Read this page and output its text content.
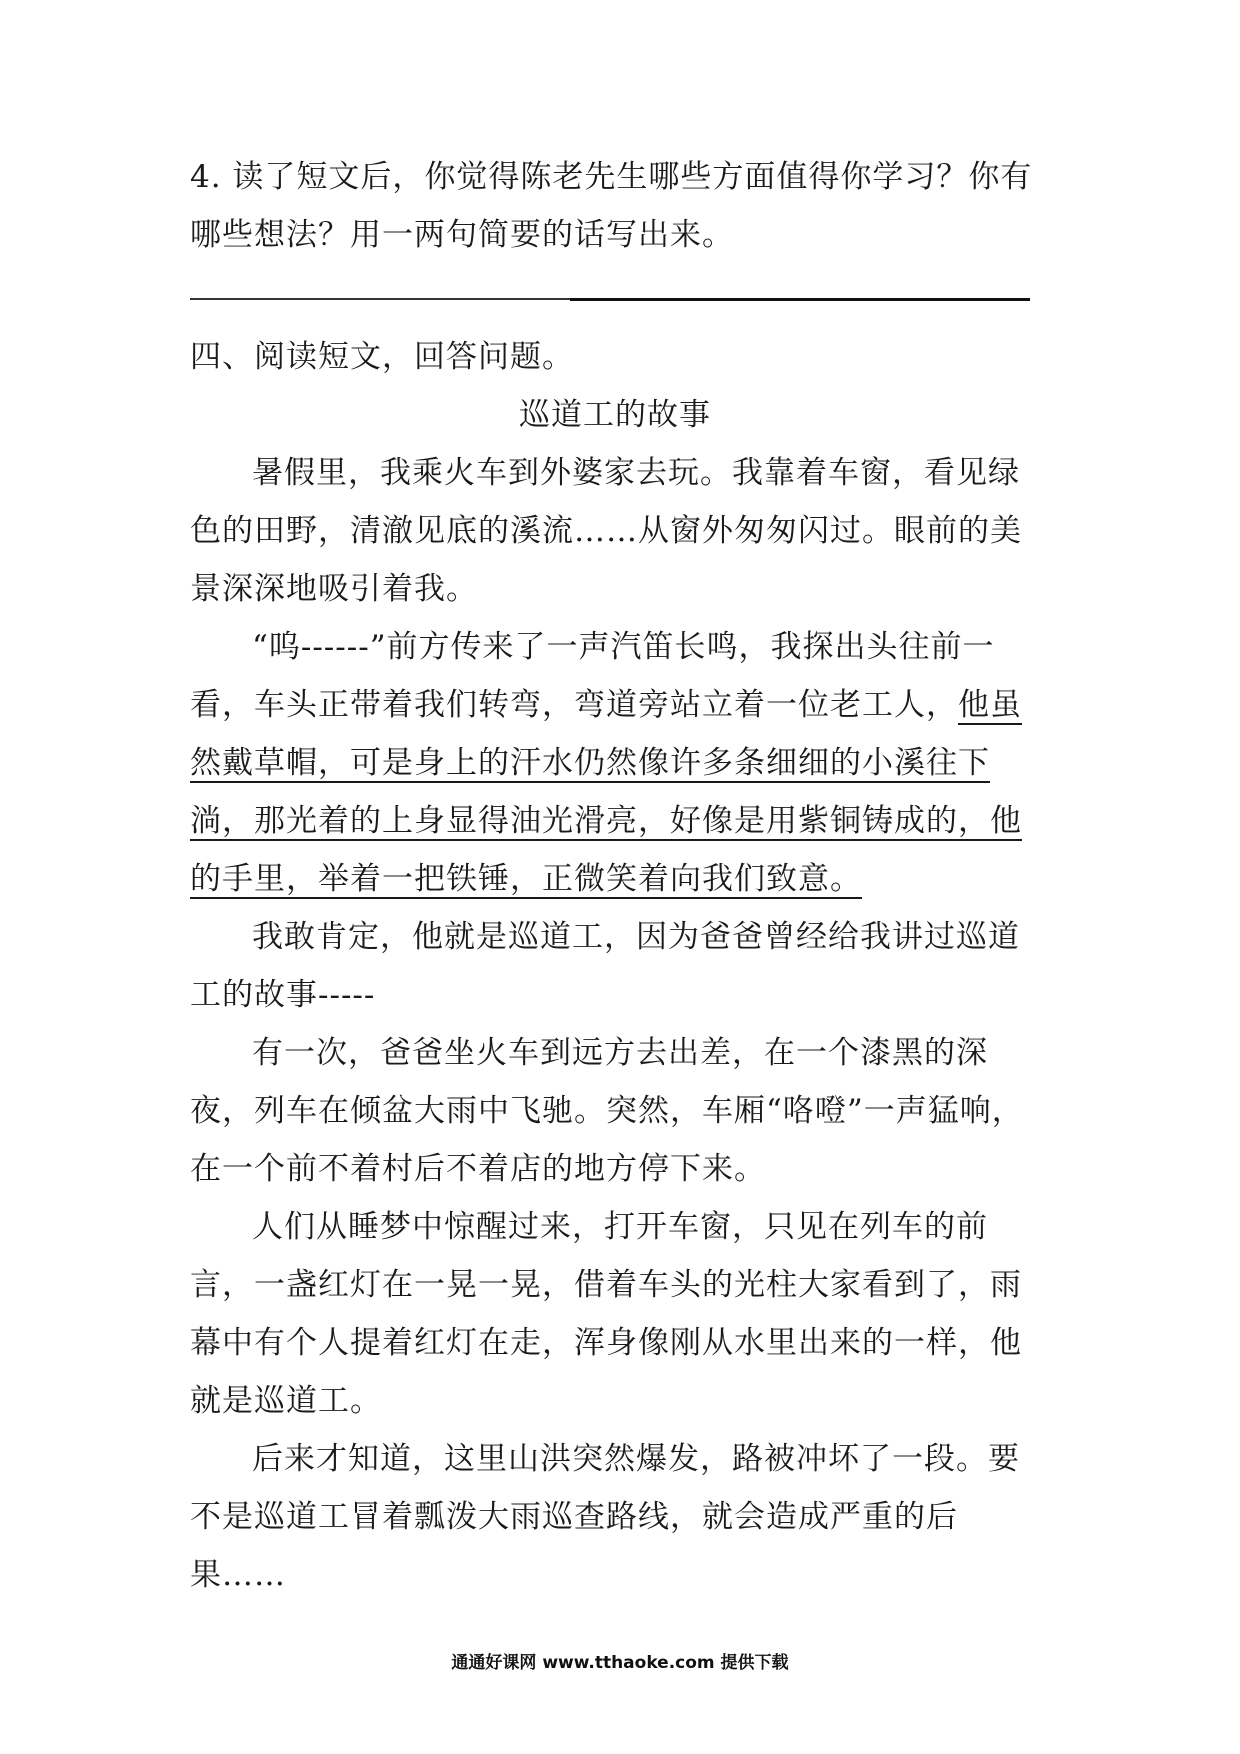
4. 读了短文后，你觉得陈老先生哪些方面值得你学习？你有哪些想法？用一两句简要的话写出来。

四、阅读短文，回答问题。

巡道工的故事

暑假里，我乘火车到外婆家去玩。我靠着车窗，看见绿色的田野，清澈见底的溪流……从窗外匆匆闪过。眼前的美景深深地吸引着我。

“呜------”前方传来了一声汽笛长鸣，我探出头往前一看，车头正带着我们转弯，弯道旁站立着一位老工人，他虽然戴草帽，可是身上的汗水仍然像许多条细细的小溪往下淌，那光着的上身显得油光滑亮，好像是用紫铜铸成的，他的手里，举着一把铁锤，正微笑着向我们致意。

我敢肯定，他就是巡道工，因为爸爸曾经给我讲过巡道工的故事-----

有一次，爸爸坐火车到远方去出差，在一个漆黑的深夜，列车在倾盆大雨中飞驰。突然，车厢“咯噔”一声猛响，在一个前不着村后不着店的地方停下来。

人们从睡梦中惊醒过来，打开车窗，只见在列车的前言，一盏红灯在一晃一晃，借着车头的光柱大家看到了，雨幕中有个人提着红灯在走，浑身像刚从水里出来的一样，他就是巡道工。

后来才知道，这里山洪突然爆发，路被冲坏了一段。要不是巡道工冒着瓢泼大雨巡查路线，就会造成严重的后果……

通通好课网 www.tthaoke.com 提供下载
